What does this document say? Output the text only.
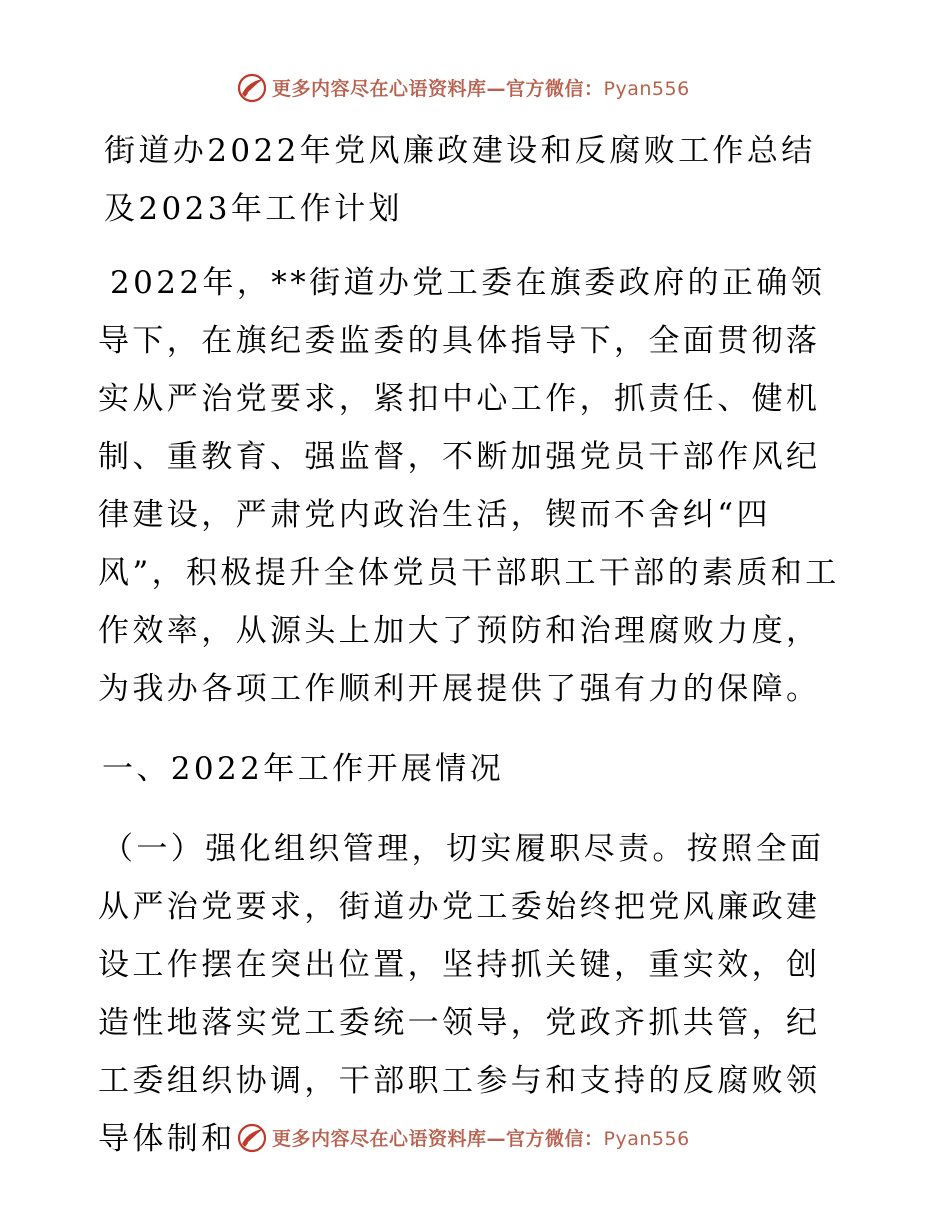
更多内容尽在心语资料库—官方微信：Pyan556

街道办2022年党风廉政建设和反腐败工作总结及2023年工作计划

2022年，**街道办党工委在旗委政府的正确领导下，在旗纪委监委的具体指导下，全面贯彻落实从严治党要求，紧扣中心工作，抓责任、健机制、重教育、强监督，不断加强党员干部作风纪律建设，严肃党内政治生活，锲而不舍纠“四风”，积极提升全体党员干部职工干部的素质和工作效率，从源头上加大了预防和治理腐败力度，为我办各项工作顺利开展提供了强有力的保障。

一、2022年工作开展情况

（一）强化组织管理，切实履职尽责。按照全面从严治党要求，街道办党工委始终把党风廉政建设工作摆在突出位置，坚持抓关键，重实效，创造性地落实党工委统一领导，党政齐抓共管，纪工委组织协调，干部职工参与和支持的反腐败领导体制和	更多内容尽在心语资料库—官方微信：Pyan556
